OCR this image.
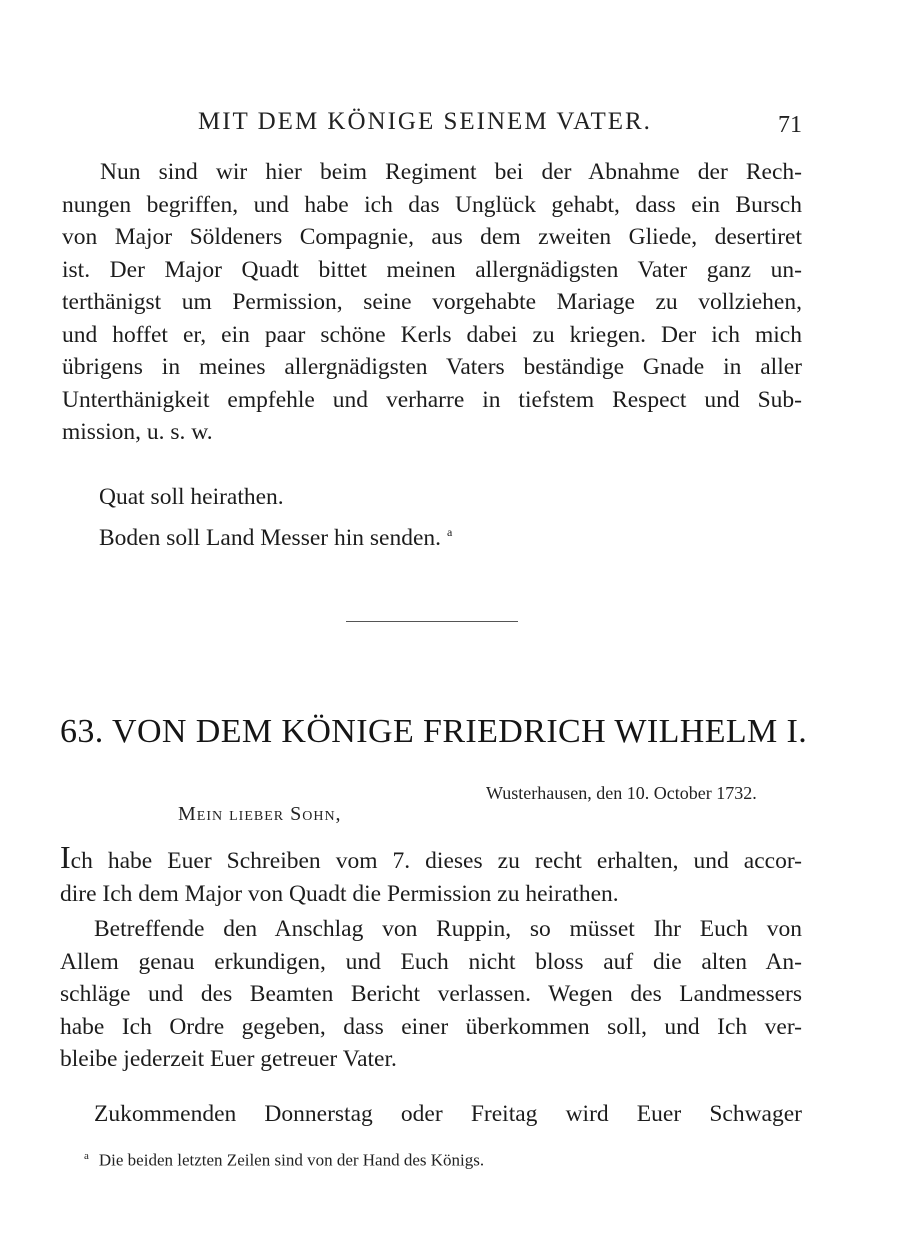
MIT DEM KÖNIGE SEINEM VATER.	71
Nun sind wir hier beim Regiment bei der Abnahme der Rech-
nungen begriffen, und habe ich das Unglück gehabt, dass ein Bursch
von Major Söldeners Compagnie, aus dem zweiten Gliede, desertiret
ist. Der Major Quadt bittet meinen allergnädigsten Vater ganz un-
terthänigst um Permission, seine vorgehabte Mariage zu vollziehen,
und hoffet er, ein paar schöne Kerls dabei zu kriegen. Der ich mich
übrigens in meines allergnädigsten Vaters beständige Gnade in aller
Unterthänigkeit empfehle und verharre in tiefstem Respect und Sub-
mission, u. s. w.
Quat soll heirathen.
Boden soll Land Messer hin senden. $^a$
63. VON DEM KÖNIGE FRIEDRICH WILHELM I.
Wusterhausen, den 10. October 1732.
Mein lieber Sohn,
Ich habe Euer Schreiben vom 7. dieses zu recht erhalten, und accor-
dire Ich dem Major von Quadt die Permission zu heirathen.
Betreffende den Anschlag von Ruppin, so müsset Ihr Euch von
Allem genau erkundigen, und Euch nicht bloss auf die alten An-
schläge und des Beamten Bericht verlassen. Wegen des Landmessers
habe Ich Ordre gegeben, dass einer überkommen soll, und Ich ver-
bleibe jederzeit Euer getreuer Vater.
Zukommenden Donnerstag oder Freitag wird Euer Schwager
$^a$ Die beiden letzten Zeilen sind von der Hand des Königs.
